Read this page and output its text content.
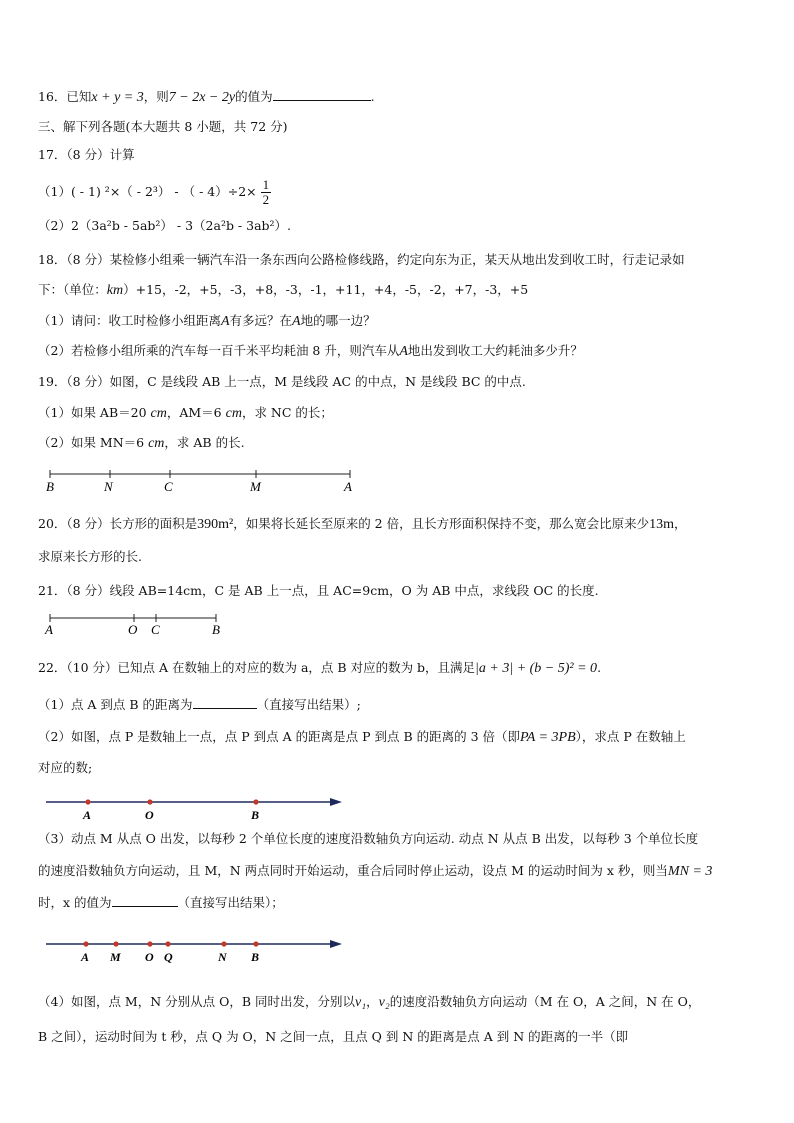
16．已知x + y = 3，则7 − 2x − 2y的值为	.
三、解下列各题(本大题共 8 小题，共 72 分)
17．（8 分）计算
（1）( - 1) ²×（ - 2³） - （ - $4)\div 2\times \frac{1}{2}$
（2）2（3a²b - 5ab²） - 3（2a²b - 3ab²）.
18．（8 分）某检修小组乘一辆汽车沿一条东西向公路检修线路，约定向东为正，某天从地出发到收工时，行走记录如
下：（单位：km）+15，-2，+5，-3，+8，-3，-1，+11，+4，-5，-2，+7，-3，+5
（1）请问：收工时检修小组距离A有多远？在A地的哪一边？
（2）若检修小组所乘的汽车每一百千米平均耗油 8 升，则汽车从A地出发到收工大约耗油多少升？
19．（8 分）如图，C 是线段 AB 上一点，M 是线段 AC 的中点，N 是线段 BC 的中点.
（1）如果 AB＝20 cm，AM＝6 cm，求 NC 的长；
（2）如果 MN＝6 cm，求 AB 的长.
B	N	C	M	A
20．（8 分）长方形的面积是390m²，如果将长延长至原来的 2 倍，且长方形面积保持不变，那么宽会比原来少13m，
求原来长方形的长.
21．（8 分）线段 AB=14cm，C 是 AB 上一点，且 AC=9cm，O 为 AB 中点，求线段 OC 的长度.
A	O C	B
22．（10 分）已知点 A 在数轴上的对应的数为 a，点 B 对应的数为 b，且满足|a + 3| + (b − 5)² = 0.
（1）点 A 到点 B 的距离为	（直接写出结果）;
（2）如图，点 P 是数轴上一点，点 P 到点 A 的距离是点 P 到点 B 的距离的 3 倍（即PA = 3PB），求点 P 在数轴上
对应的数;
A	O	B
（3）动点 M 从点 O 出发，以每秒 2 个单位长度的速度沿数轴负方向运动. 动点 N 从点 B 出发，以每秒 3 个单位长度
的速度沿数轴负方向运动，且 M，N 两点同时开始运动，重合后同时停止运动，设点 M 的运动时间为 x 秒，则当MN = 3
时，x 的值为	（直接写出结果）；
A M O Q	N B
（4）如图，点 M，N 分别从点 O，B 同时出发，分别以v₁，v₂的速度沿数轴负方向运动（M 在 O，A 之间，N 在 O，
B 之间），运动时间为 t 秒，点 Q 为 O，N 之间一点，且点 Q 到 N 的距离是点 A 到 N 的距离的一半（即
